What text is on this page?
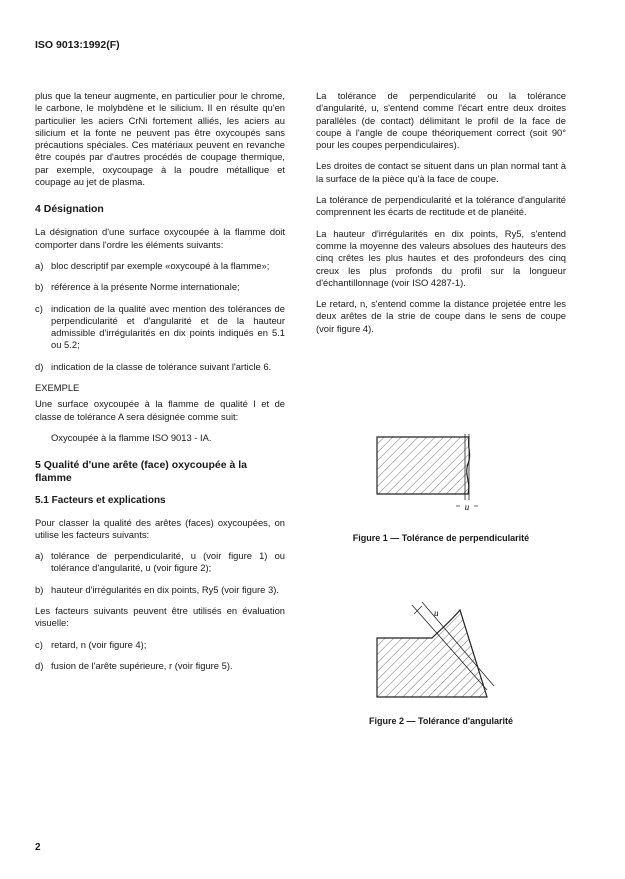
ISO 9013:1992(F)

plus que la teneur augmente, en particulier pour le chrome, le carbone, le molybdène et le silicium. Il en résulte qu'en particulier les aciers CrNi fortement alliés, les aciers au silicium et la fonte ne peuvent pas être oxycoupés sans précautions spéciales. Ces matériaux peuvent en revanche être coupés par d'autres procédés de coupage thermique, par exemple, oxycoupage à la poudre métallique et coupage au jet de plasma.

4 Désignation

La désignation d'une surface oxycoupée à la flamme doit comporter dans l'ordre les éléments suivants:

a) bloc descriptif par exemple «oxycoupé à la flamme»;
b) référence à la présente Norme internationale;
c) indication de la qualité avec mention des tolérances de perpendicularité et d'angularité et de la hauteur admissible d'irrégularités en dix points indiqués en 5.1 ou 5.2;
d) indication de la classe de tolérance suivant l'article 6.
EXEMPLE

Une surface oxycoupée à la flamme de qualité I et de classe de tolérance A sera désignée comme suit:

Oxycoupée à la flamme ISO 9013 - IA.
5 Qualité d'une arête (face) oxycoupée à la flamme
5.1 Facteurs et explications

Pour classer la qualité des arêtes (faces) oxycoupées, on utilise les facteurs suivants:

a) tolérance de perpendicularité, u (voir figure 1) ou tolérance d'angularité, u (voir figure 2);
b) hauteur d'irrégularités en dix points, Ry5 (voir figure 3).

Les facteurs suivants peuvent être utilisés en évaluation visuelle:

c) retard, n (voir figure 4);
d) fusion de l'arête supérieure, r (voir figure 5).

La tolérance de perpendicularité ou la tolérance d'angularité, u, s'entend comme l'écart entre deux droites parallèles (de contact) délimitant le profil de la face de coupe à l'angle de coupe théoriquement correct (soit 90° pour les coupes perpendiculaires).

Les droites de contact se situent dans un plan normal tant à la surface de la pièce qu'à la face de coupe.

La tolérance de perpendicularité et la tolérance d'angularité comprennent les écarts de rectitude et de planéité.

La hauteur d'irrégularités en dix points, Ry5, s'entend comme la moyenne des valeurs absolues des hauteurs des cinq crêtes les plus hautes et des profondeurs des cinq creux les plus profonds du profil sur la longueur d'échantillonnage (voir ISO 4287-1).

Le retard, n, s'entend comme la distance projetée entre les deux arêtes de la strie de coupe dans le sens de coupe (voir figure 4).

u
Figure 1 — Tolérance de perpendicularité
u
Figure 2 — Tolérance d'angularité
2
